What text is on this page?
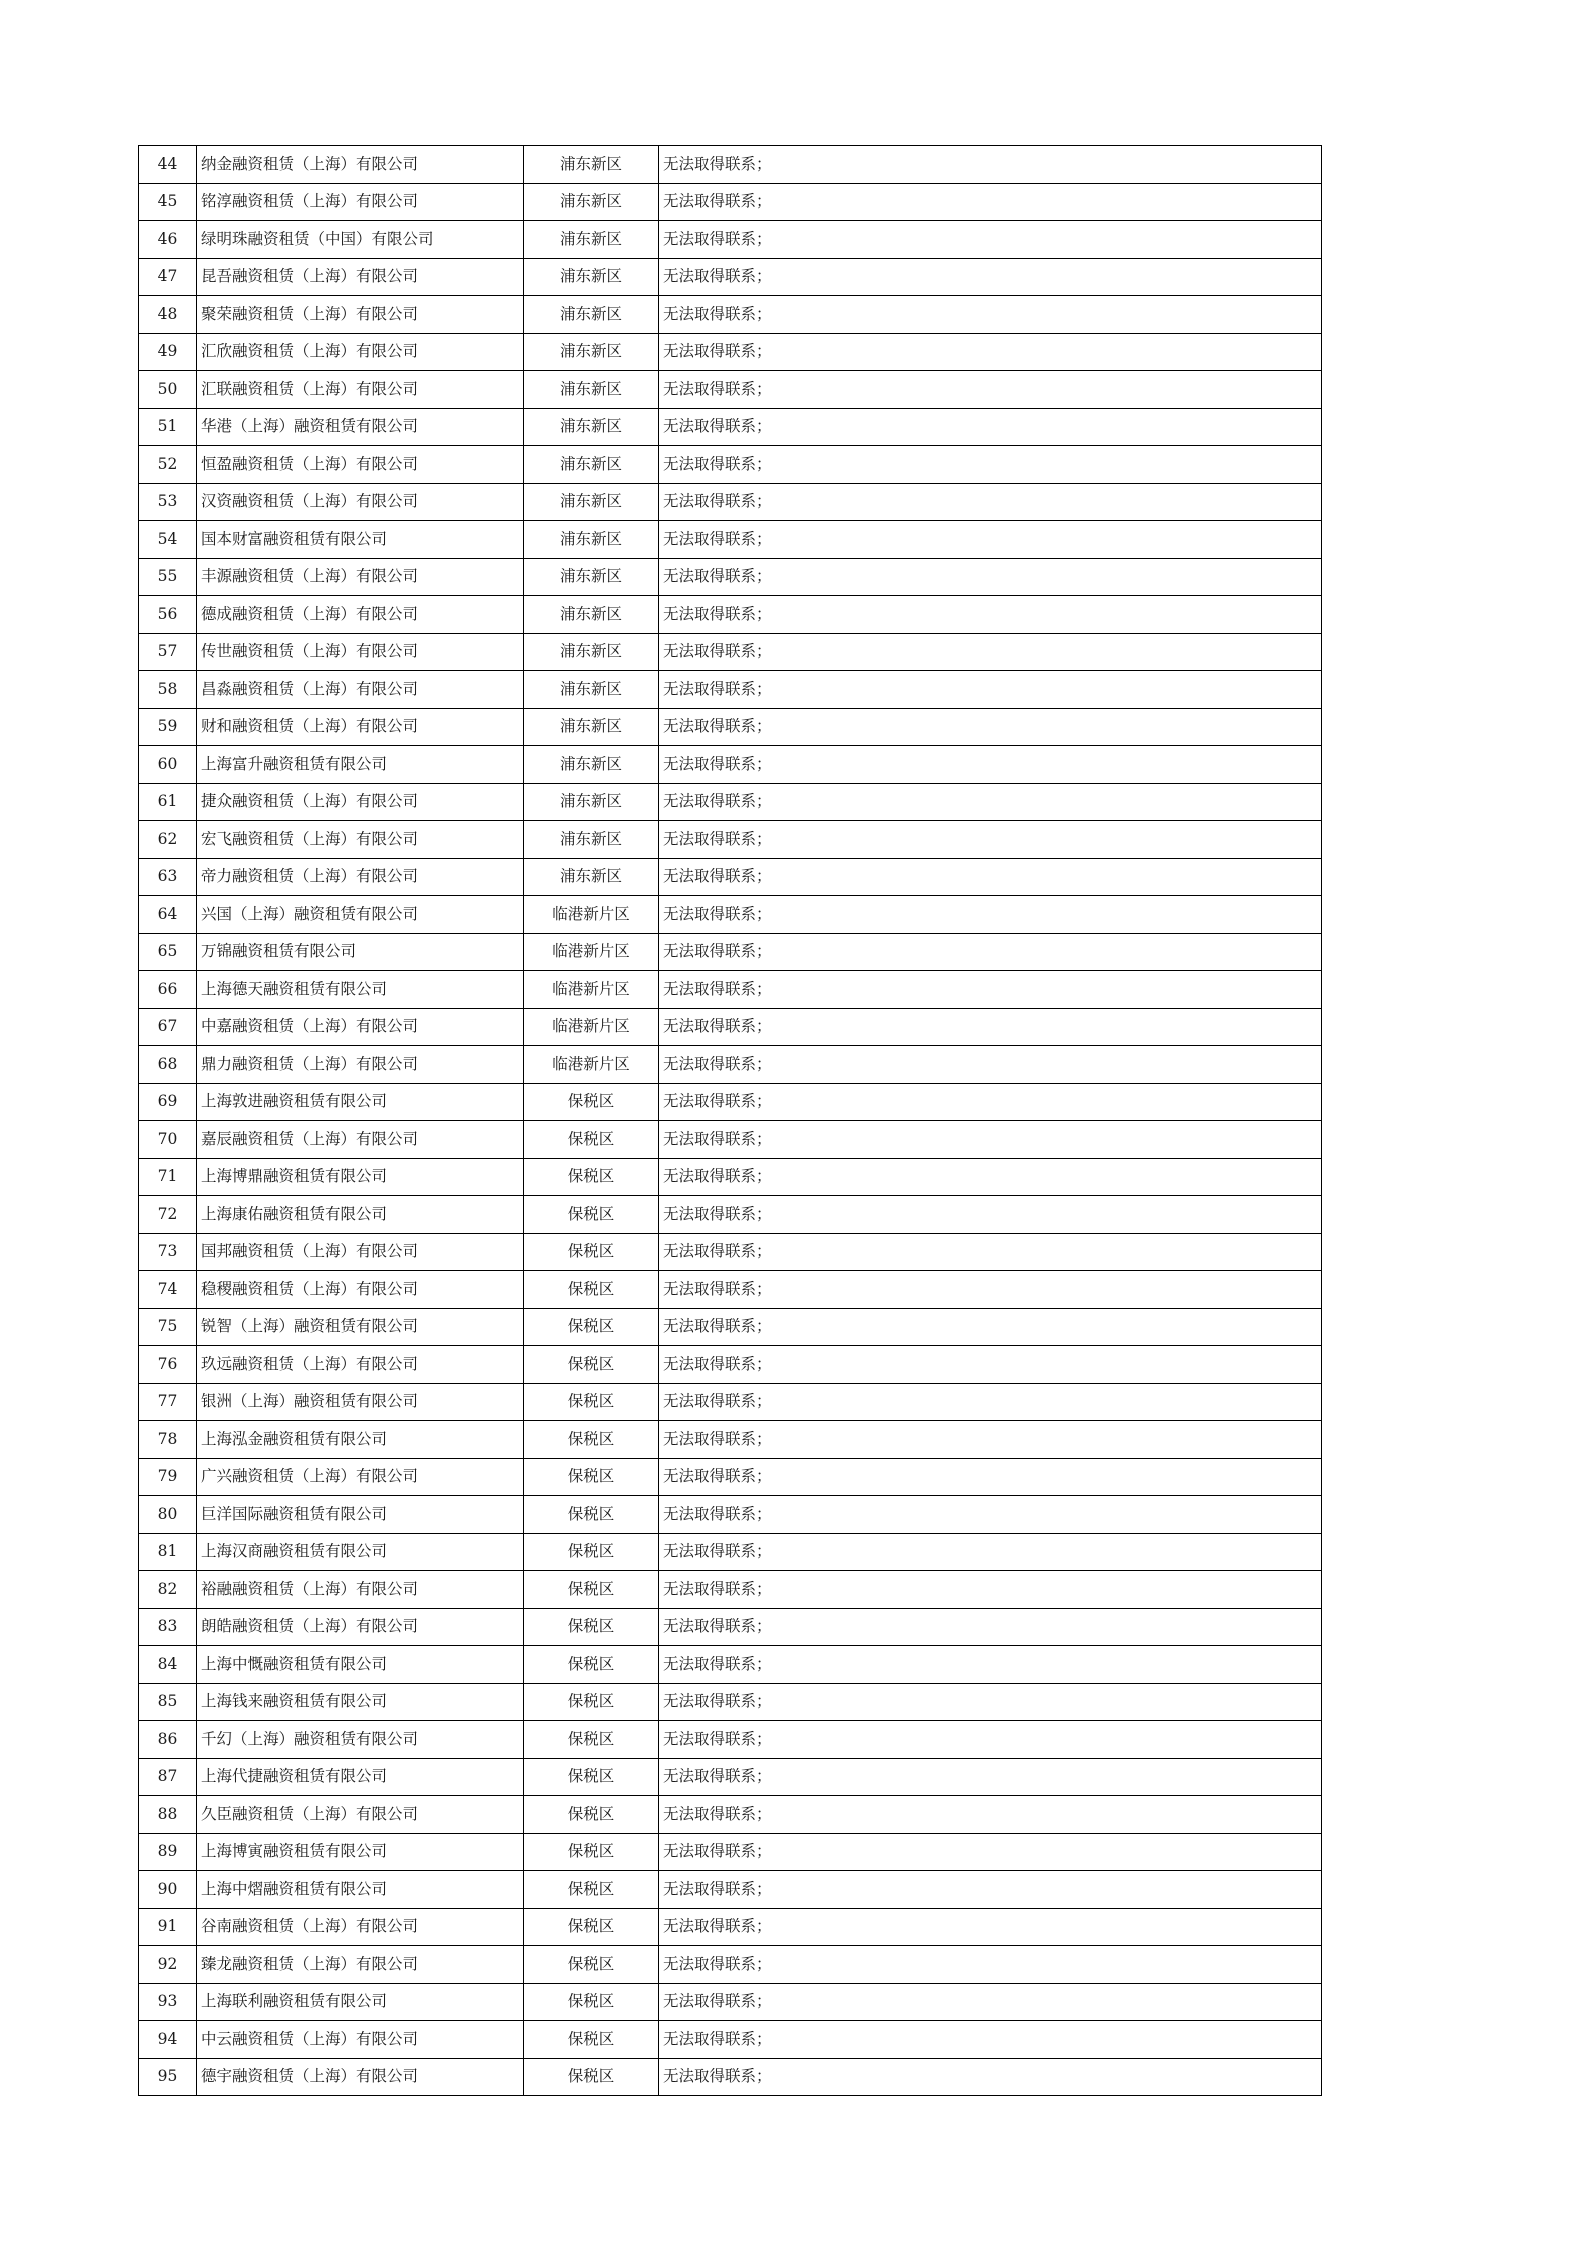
44	纳金融资租赁（上海）有限公司	浦东新区	无法取得联系；
45	铭淳融资租赁（上海）有限公司	浦东新区	无法取得联系；
46	绿明珠融资租赁（中国）有限公司	浦东新区	无法取得联系；
47	昆吾融资租赁（上海）有限公司	浦东新区	无法取得联系；
48	聚荣融资租赁（上海）有限公司	浦东新区	无法取得联系；
49	汇欣融资租赁（上海）有限公司	浦东新区	无法取得联系；
50	汇联融资租赁（上海）有限公司	浦东新区	无法取得联系；
51	华港（上海）融资租赁有限公司	浦东新区	无法取得联系；
52	恒盈融资租赁（上海）有限公司	浦东新区	无法取得联系；
53	汉资融资租赁（上海）有限公司	浦东新区	无法取得联系；
54	国本财富融资租赁有限公司	浦东新区	无法取得联系；
55	丰源融资租赁（上海）有限公司	浦东新区	无法取得联系；
56	德成融资租赁（上海）有限公司	浦东新区	无法取得联系；
57	传世融资租赁（上海）有限公司	浦东新区	无法取得联系；
58	昌淼融资租赁（上海）有限公司	浦东新区	无法取得联系；
59	财和融资租赁（上海）有限公司	浦东新区	无法取得联系；
60	上海富升融资租赁有限公司	浦东新区	无法取得联系；
61	捷众融资租赁（上海）有限公司	浦东新区	无法取得联系；
62	宏飞融资租赁（上海）有限公司	浦东新区	无法取得联系；
63	帝力融资租赁（上海）有限公司	浦东新区	无法取得联系；
64	兴国（上海）融资租赁有限公司	临港新片区	无法取得联系；
65	万锦融资租赁有限公司	临港新片区	无法取得联系；
66	上海德天融资租赁有限公司	临港新片区	无法取得联系；
67	中嘉融资租赁（上海）有限公司	临港新片区	无法取得联系；
68	鼎力融资租赁（上海）有限公司	临港新片区	无法取得联系；
69	上海敦进融资租赁有限公司	保税区	无法取得联系；
70	嘉辰融资租赁（上海）有限公司	保税区	无法取得联系；
71	上海博鼎融资租赁有限公司	保税区	无法取得联系；
72	上海康佑融资租赁有限公司	保税区	无法取得联系；
73	国邦融资租赁（上海）有限公司	保税区	无法取得联系；
74	稳稷融资租赁（上海）有限公司	保税区	无法取得联系；
75	锐智（上海）融资租赁有限公司	保税区	无法取得联系；
76	玖远融资租赁（上海）有限公司	保税区	无法取得联系；
77	银洲（上海）融资租赁有限公司	保税区	无法取得联系；
78	上海泓金融资租赁有限公司	保税区	无法取得联系；
79	广兴融资租赁（上海）有限公司	保税区	无法取得联系；
80	巨洋国际融资租赁有限公司	保税区	无法取得联系；
81	上海汉商融资租赁有限公司	保税区	无法取得联系；
82	裕融融资租赁（上海）有限公司	保税区	无法取得联系；
83	朗皓融资租赁（上海）有限公司	保税区	无法取得联系；
84	上海中慨融资租赁有限公司	保税区	无法取得联系；
85	上海钱来融资租赁有限公司	保税区	无法取得联系；
86	千幻（上海）融资租赁有限公司	保税区	无法取得联系；
87	上海代捷融资租赁有限公司	保税区	无法取得联系；
88	久臣融资租赁（上海）有限公司	保税区	无法取得联系；
89	上海博寅融资租赁有限公司	保税区	无法取得联系；
90	上海中熠融资租赁有限公司	保税区	无法取得联系；
91	谷南融资租赁（上海）有限公司	保税区	无法取得联系；
92	臻龙融资租赁（上海）有限公司	保税区	无法取得联系；
93	上海联利融资租赁有限公司	保税区	无法取得联系；
94	中云融资租赁（上海）有限公司	保税区	无法取得联系；
95	德宇融资租赁（上海）有限公司	保税区	无法取得联系；
